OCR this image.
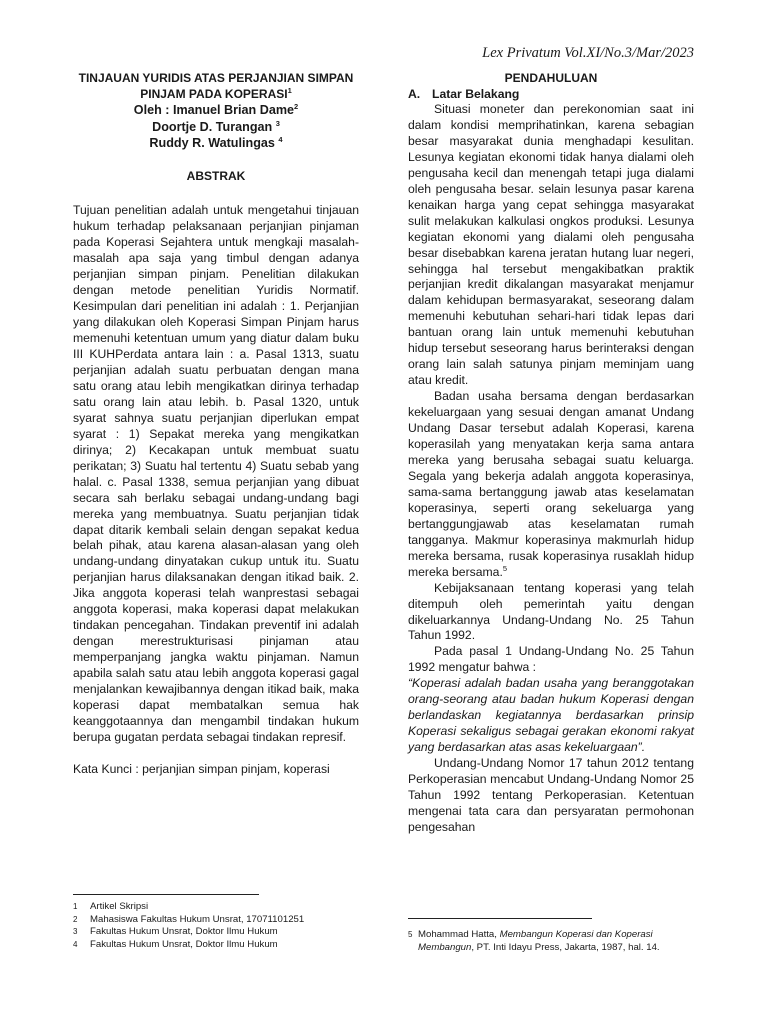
Lex Privatum Vol.XI/No.3/Mar/2023
TINJAUAN YURIDIS ATAS PERJANJIAN SIMPAN
PINJAM PADA KOPERASI$^1$
Oleh : Imanuel Brian Dame$^2$
Doortje D. Turangan $^3$
Ruddy R. Watulingas $^4$
ABSTRAK
Tujuan penelitian adalah untuk mengetahui tinjauan hukum terhadap pelaksanaan perjanjian pinjaman pada Koperasi Sejahtera untuk mengkaji masalah-masalah apa saja yang timbul dengan adanya perjanjian simpan pinjam. Penelitian dilakukan dengan metode penelitian Yuridis Normatif. Kesimpulan dari penelitian ini adalah : 1. Perjanjian yang dilakukan oleh Koperasi Simpan Pinjam harus memenuhi ketentuan umum yang diatur dalam buku III KUHPerdata antara lain : a. Pasal 1313, suatu perjanjian adalah suatu perbuatan dengan mana satu orang atau lebih mengikatkan dirinya terhadap satu orang lain atau lebih. b. Pasal 1320, untuk syarat sahnya suatu perjanjian diperlukan empat syarat : 1) Sepakat mereka yang mengikatkan dirinya; 2) Kecakapan untuk membuat suatu perikatan; 3) Suatu hal tertentu 4) Suatu sebab yang halal. c. Pasal 1338, semua perjanjian yang dibuat secara sah berlaku sebagai undang-undang bagi mereka yang membuatnya. Suatu perjanjian tidak dapat ditarik kembali selain dengan sepakat kedua belah pihak, atau karena alasan-alasan yang oleh undang-undang dinyatakan cukup untuk itu. Suatu perjanjian harus dilaksanakan dengan itikad baik. 2. Jika anggota koperasi telah wanprestasi sebagai anggota koperasi, maka koperasi dapat melakukan tindakan pencegahan. Tindakan preventif ini adalah dengan merestrukturisasi pinjaman atau memperpanjang jangka waktu pinjaman. Namun apabila salah satu atau lebih anggota koperasi gagal menjalankan kewajibannya dengan itikad baik, maka koperasi dapat membatalkan semua hak keanggotaannya dan mengambil tindakan hukum berupa gugatan perdata sebagai tindakan represif.
Kata Kunci : perjanjian simpan pinjam, koperasi
1	Artikel Skripsi
2	Mahasiswa Fakultas Hukum Unsrat, 17071101251
3	Fakultas Hukum Unsrat, Doktor Ilmu Hukum
4	Fakultas Hukum Unsrat, Doktor Ilmu Hukum
PENDAHULUAN
A. Latar Belakang

Situasi moneter dan perekonomian saat ini dalam kondisi memprihatinkan, karena sebagian besar masyarakat dunia menghadapi kesulitan. Lesunya kegiatan ekonomi tidak hanya dialami oleh pengusaha kecil dan menengah tetapi juga dialami oleh pengusaha besar. selain lesunya pasar karena kenaikan harga yang cepat sehingga masyarakat sulit melakukan kalkulasi ongkos produksi. Lesunya kegiatan ekonomi yang dialami oleh pengusaha besar disebabkan karena jeratan hutang luar negeri, sehingga hal tersebut mengakibatkan praktik perjanjian kredit dikalangan masyarakat menjamur dalam kehidupan bermasyarakat, seseorang dalam memenuhi kebutuhan sehari-hari tidak lepas dari bantuan orang lain untuk memenuhi kebutuhan hidup tersebut seseorang harus berinteraksi dengan orang lain salah satunya pinjam meminjam uang atau kredit.

Badan usaha bersama dengan berdasarkan kekeluargaan yang sesuai dengan amanat Undang Undang Dasar tersebut adalah Koperasi, karena koperasilah yang menyatakan kerja sama antara mereka yang berusaha sebagai suatu keluarga. Segala yang bekerja adalah anggota koperasinya, sama-sama bertanggung jawab atas keselamatan koperasinya, seperti orang sekeluarga yang bertanggungjawab atas keselamatan rumah tangganya. Makmur koperasinya makmurlah hidup mereka bersama, rusak koperasinya rusaklah hidup mereka bersama.$^5$

Kebijaksanaan tentang koperasi yang telah ditempuh oleh pemerintah yaitu dengan dikeluarkannya Undang-Undang No. 25 Tahun Tahun 1992.

Pada pasal 1 Undang-Undang No. 25 Tahun 1992 mengatur bahwa :

“Koperasi adalah badan usaha yang beranggotakan orang-seorang atau badan hukum Koperasi dengan berlandaskan kegiatannya berdasarkan prinsip Koperasi sekaligus sebagai gerakan ekonomi rakyat yang berdasarkan atas asas kekeluargaan”.

Undang-Undang Nomor 17 tahun 2012 tentang Perkoperasian mencabut Undang-Undang Nomor 25 Tahun 1992 tentang Perkoperasian. Ketentuan mengenai tata cara dan persyaratan permohonan pengesahan

5 Mohammad Hatta, Membangun Koperasi dan Koperasi Membangun, PT. Inti Idayu Press, Jakarta, 1987, hal. 14.
